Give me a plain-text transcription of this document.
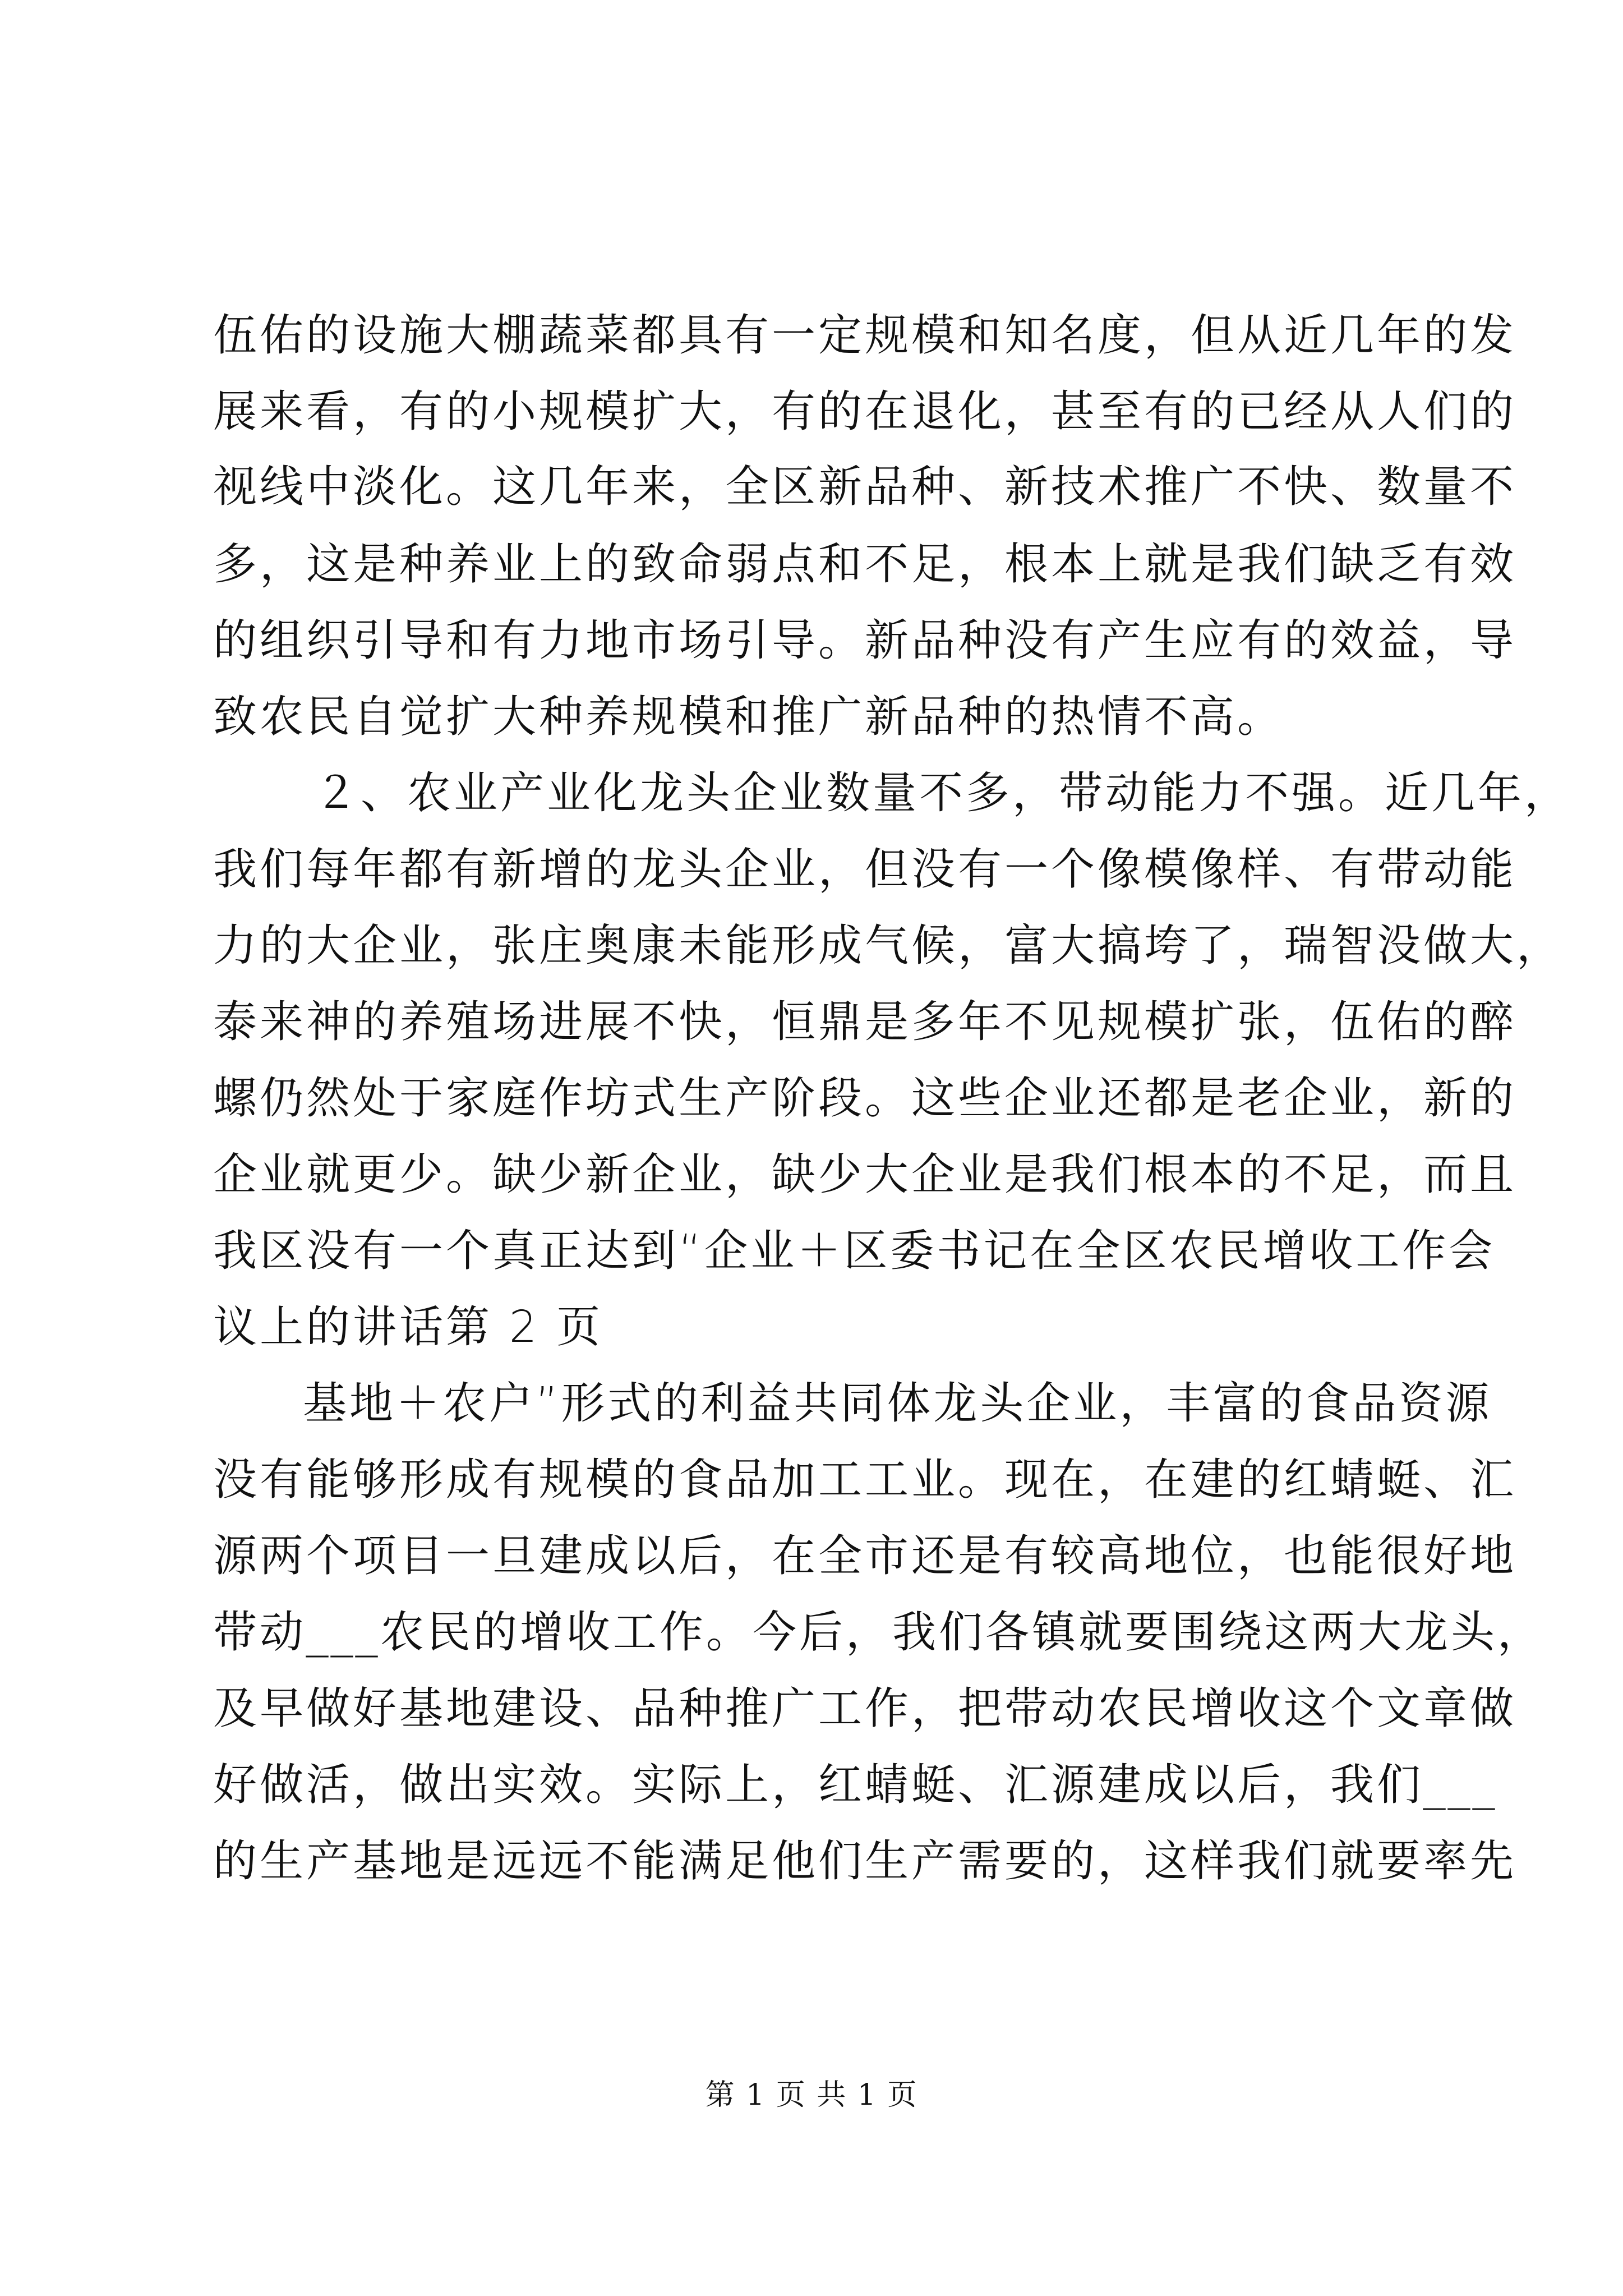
伍佑的设施大棚蔬菜都具有一定规模和知名度，但从近几年的发
展来看，有的小规模扩大，有的在退化，甚至有的已经从人们的
视线中淡化。这几年来，全区新品种、新技术推广不快、数量不
多，这是种养业上的致命弱点和不足，根本上就是我们缺乏有效
的组织引导和有力地市场引导。新品种没有产生应有的效益，导
致农民自觉扩大种养规模和推广新品种的热情不高。
２、农业产业化龙头企业数量不多，带动能力不强。近几年，
我们每年都有新增的龙头企业，但没有一个像模像样、有带动能
力的大企业，张庄奥康未能形成气候，富大搞垮了，瑞智没做大，
泰来神的养殖场进展不快，恒鼎是多年不见规模扩张，伍佑的醉
螺仍然处于家庭作坊式生产阶段。这些企业还都是老企业，新的
企业就更少。缺少新企业，缺少大企业是我们根本的不足，而且
我区没有一个真正达到“企业＋区委书记在全区农民增收工作会
议上的讲话第 2 页
基地＋农户”形式的利益共同体龙头企业，丰富的食品资源
没有能够形成有规模的食品加工工业。现在，在建的红蜻蜓、汇
源两个项目一旦建成以后，在全市还是有较高地位，也能很好地
带动___农民的增收工作。今后，我们各镇就要围绕这两大龙头，
及早做好基地建设、品种推广工作，把带动农民增收这个文章做
好做活，做出实效。实际上，红蜻蜓、汇源建成以后，我们___
的生产基地是远远不能满足他们生产需要的，这样我们就要率先
第 1 页 共 1 页
